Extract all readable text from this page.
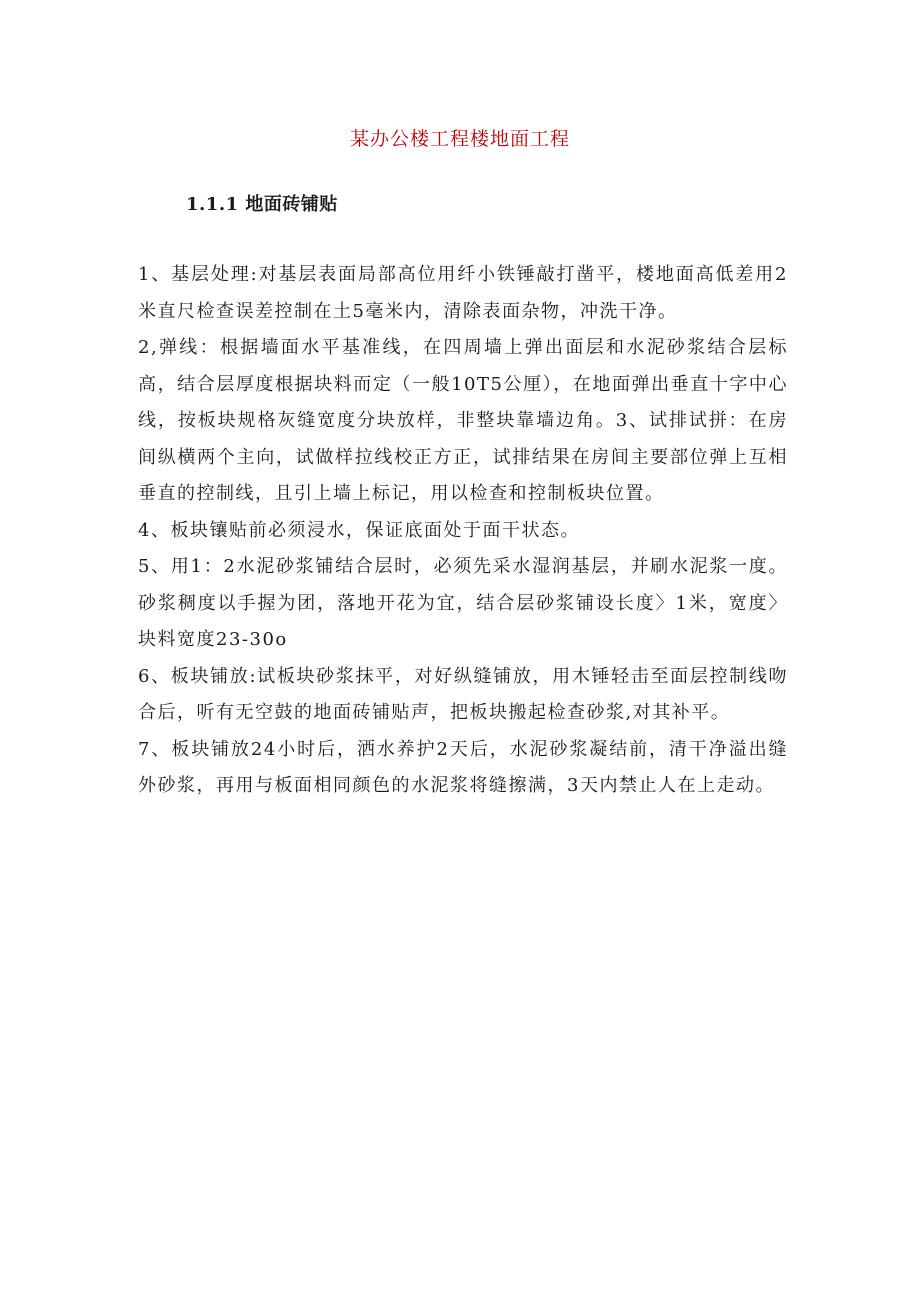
某办公楼工程楼地面工程
1.1.1 地面砖铺贴

1、基层处理:对基层表面局部高位用纤小铁锤敲打凿平，楼地面高低差用2米直尺检查误差控制在土5毫米内，清除表面杂物，冲洗干净。

2,弹线：根据墙面水平基准线，在四周墙上弹出面层和水泥砂浆结合层标高，结合层厚度根据块料而定（一般10T5公厘），在地面弹出垂直十字中心线，按板块规格灰缝宽度分块放样，非整块靠墙边角。3、试排试拼：在房间纵横两个主向，试做样拉线校正方正，试排结果在房间主要部位弹上互相垂直的控制线，且引上墙上标记，用以检查和控制板块位置。

4、板块镶贴前必须浸水，保证底面处于面干状态。

5、用1：2水泥砂浆铺结合层时，必须先采水湿润基层，并刷水泥浆一度。砂浆稠度以手握为团，落地开花为宜，结合层砂浆铺设长度〉1米，宽度〉块料宽度23-30o

6、板块铺放:试板块砂浆抹平，对好纵缝铺放，用木锤轻击至面层控制线吻合后，听有无空鼓的地面砖铺贴声，把板块搬起检查砂浆,对其补平。

7、板块铺放24小时后，洒水养护2天后，水泥砂浆凝结前，清干净溢出缝外砂浆，再用与板面相同颜色的水泥浆将缝擦满，3天内禁止人在上走动。
